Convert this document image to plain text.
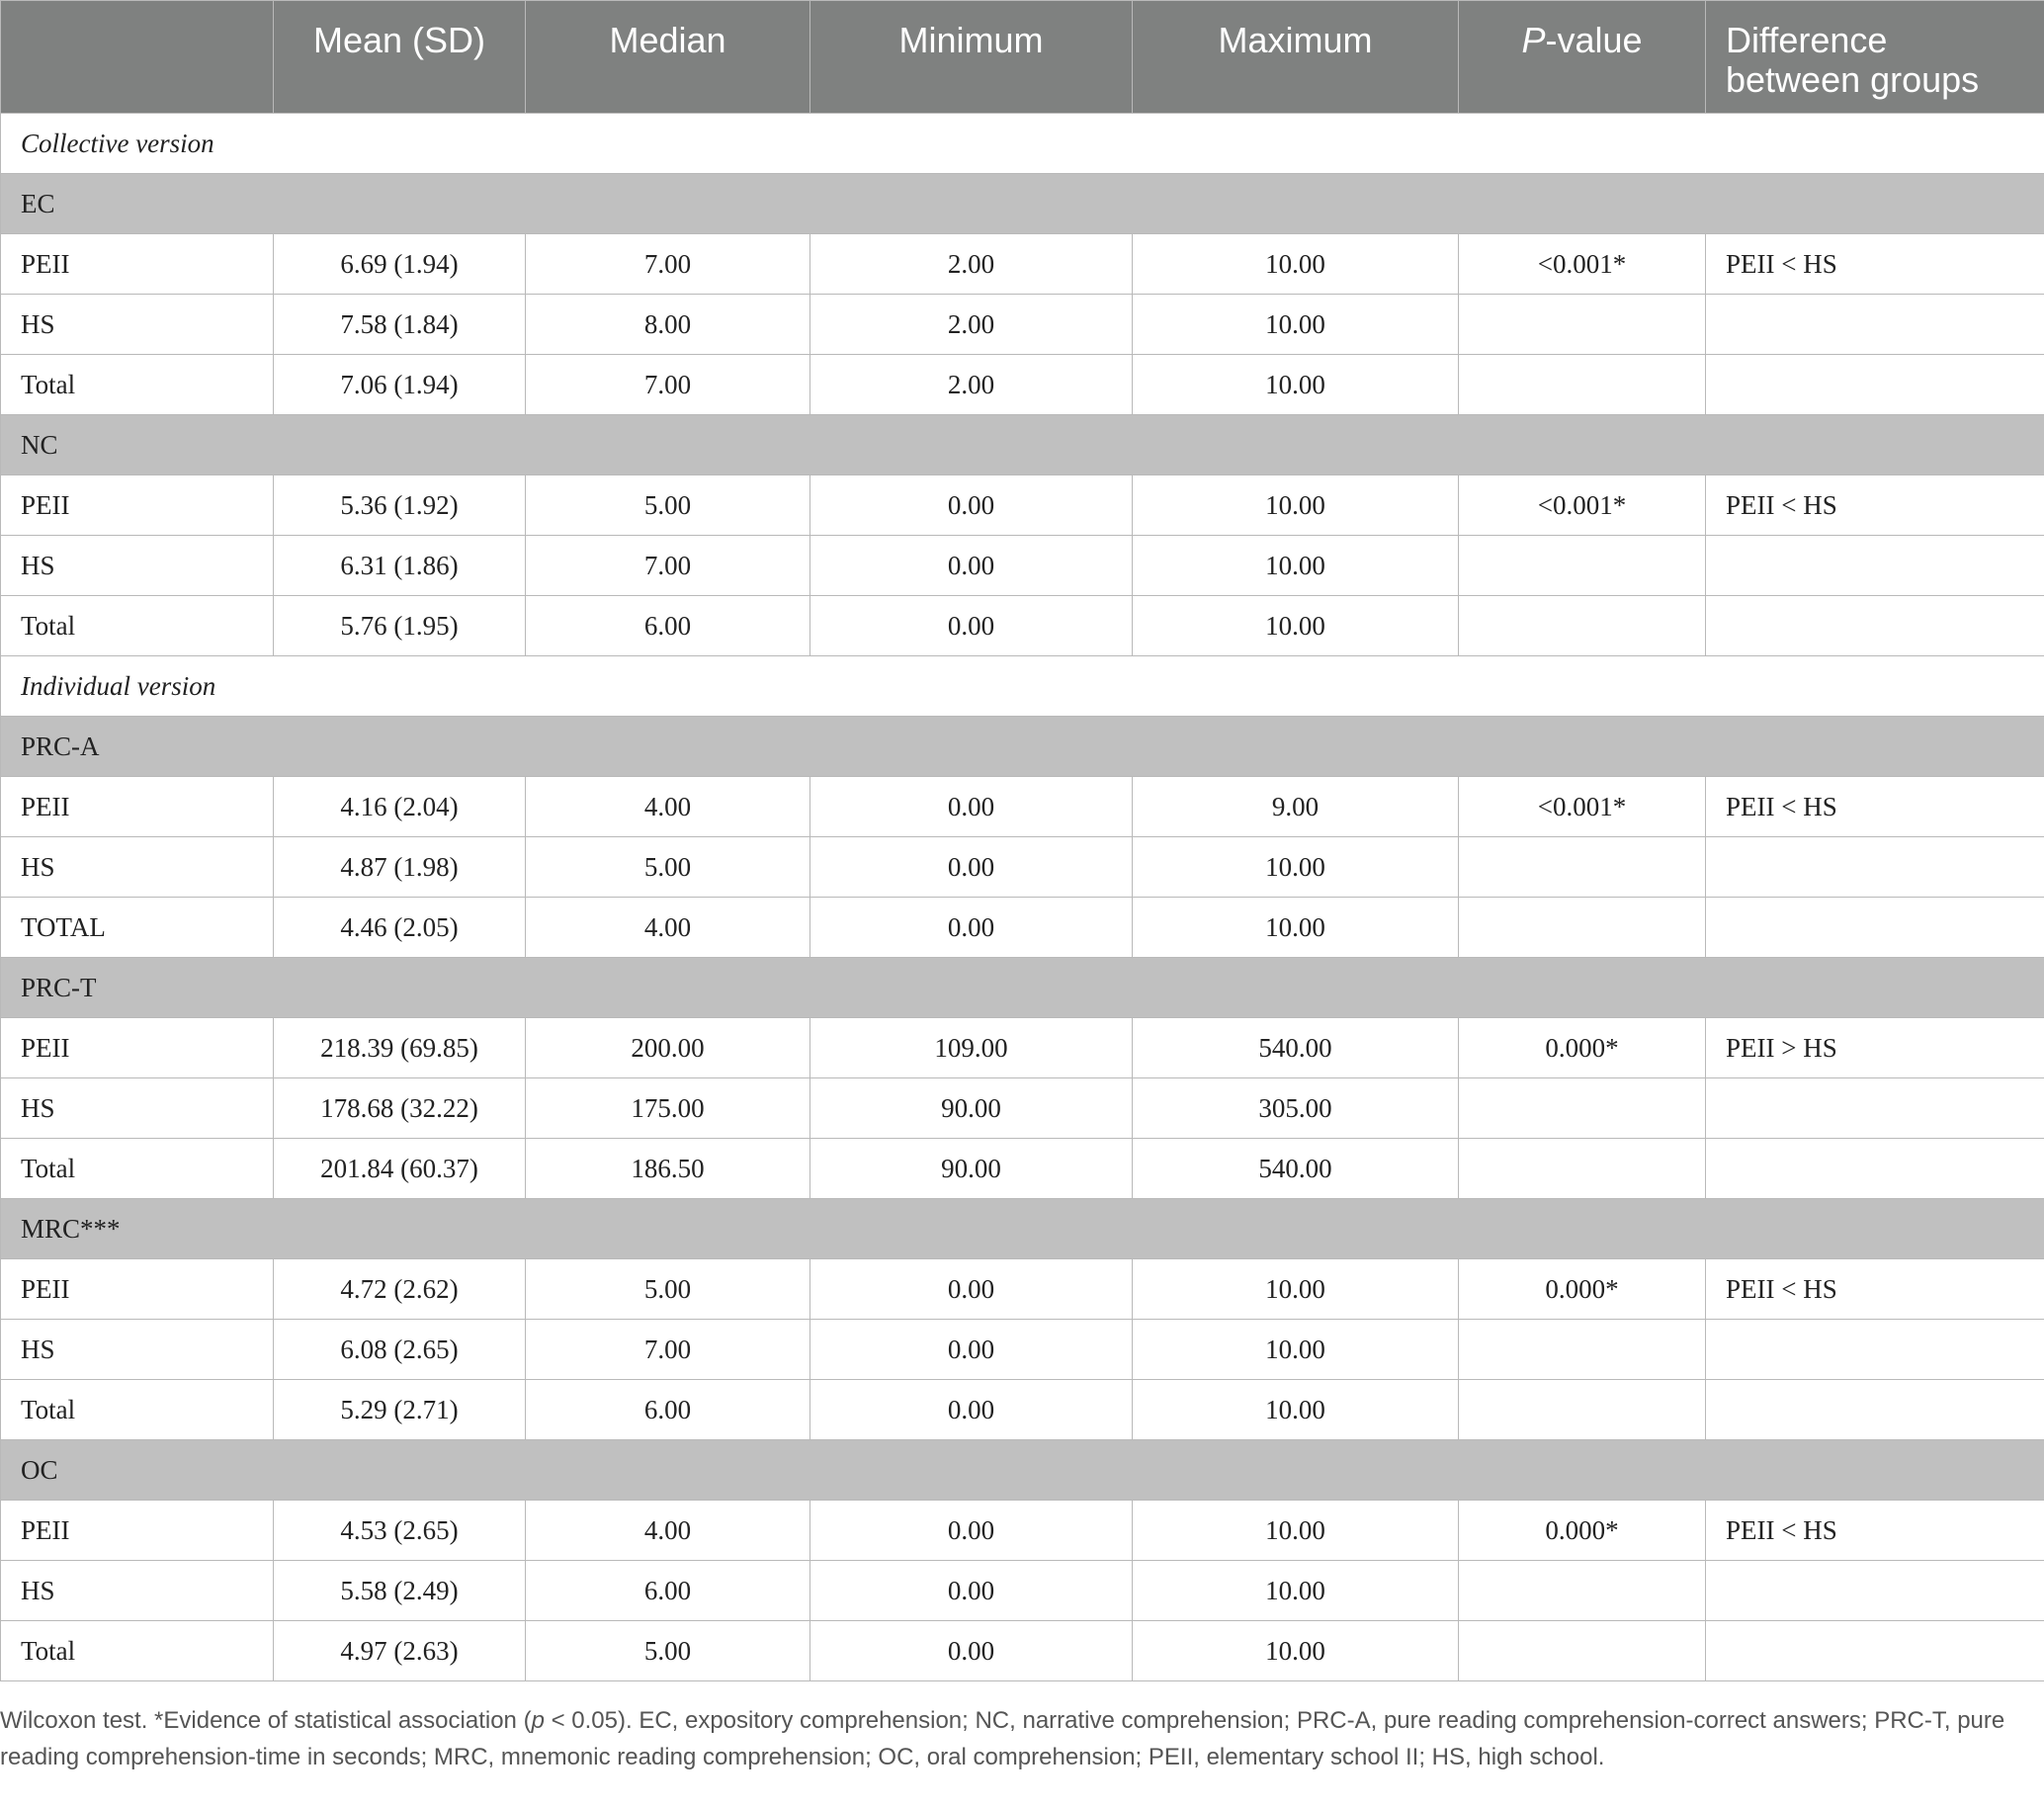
	Mean (SD)	Median	Minimum	Maximum	P-value	Difference between groups
Collective version						
EC						
PEII	6.69 (1.94)	7.00	2.00	10.00	<0.001*	PEII < HS
HS	7.58 (1.84)	8.00	2.00	10.00		
Total	7.06 (1.94)	7.00	2.00	10.00		
NC						
PEII	5.36 (1.92)	5.00	0.00	10.00	<0.001*	PEII < HS
HS	6.31 (1.86)	7.00	0.00	10.00		
Total	5.76 (1.95)	6.00	0.00	10.00		
Individual version						
PRC-A						
PEII	4.16 (2.04)	4.00	0.00	9.00	<0.001*	PEII < HS
HS	4.87 (1.98)	5.00	0.00	10.00		
TOTAL	4.46 (2.05)	4.00	0.00	10.00		
PRC-T						
PEII	218.39 (69.85)	200.00	109.00	540.00	0.000*	PEII > HS
HS	178.68 (32.22)	175.00	90.00	305.00		
Total	201.84 (60.37)	186.50	90.00	540.00		
MRC***						
PEII	4.72 (2.62)	5.00	0.00	10.00	0.000*	PEII < HS
HS	6.08 (2.65)	7.00	0.00	10.00		
Total	5.29 (2.71)	6.00	0.00	10.00		
OC						
PEII	4.53 (2.65)	4.00	0.00	10.00	0.000*	PEII < HS
HS	5.58 (2.49)	6.00	0.00	10.00		
Total	4.97 (2.63)	5.00	0.00	10.00		
Wilcoxon test. *Evidence of statistical association (p < 0.05). EC, expository comprehension; NC, narrative comprehension; PRC-A, pure reading comprehension-correct answers; PRC-T, pure reading comprehension-time in seconds; MRC, mnemonic reading comprehension; OC, oral comprehension; PEII, elementary school II; HS, high school.
